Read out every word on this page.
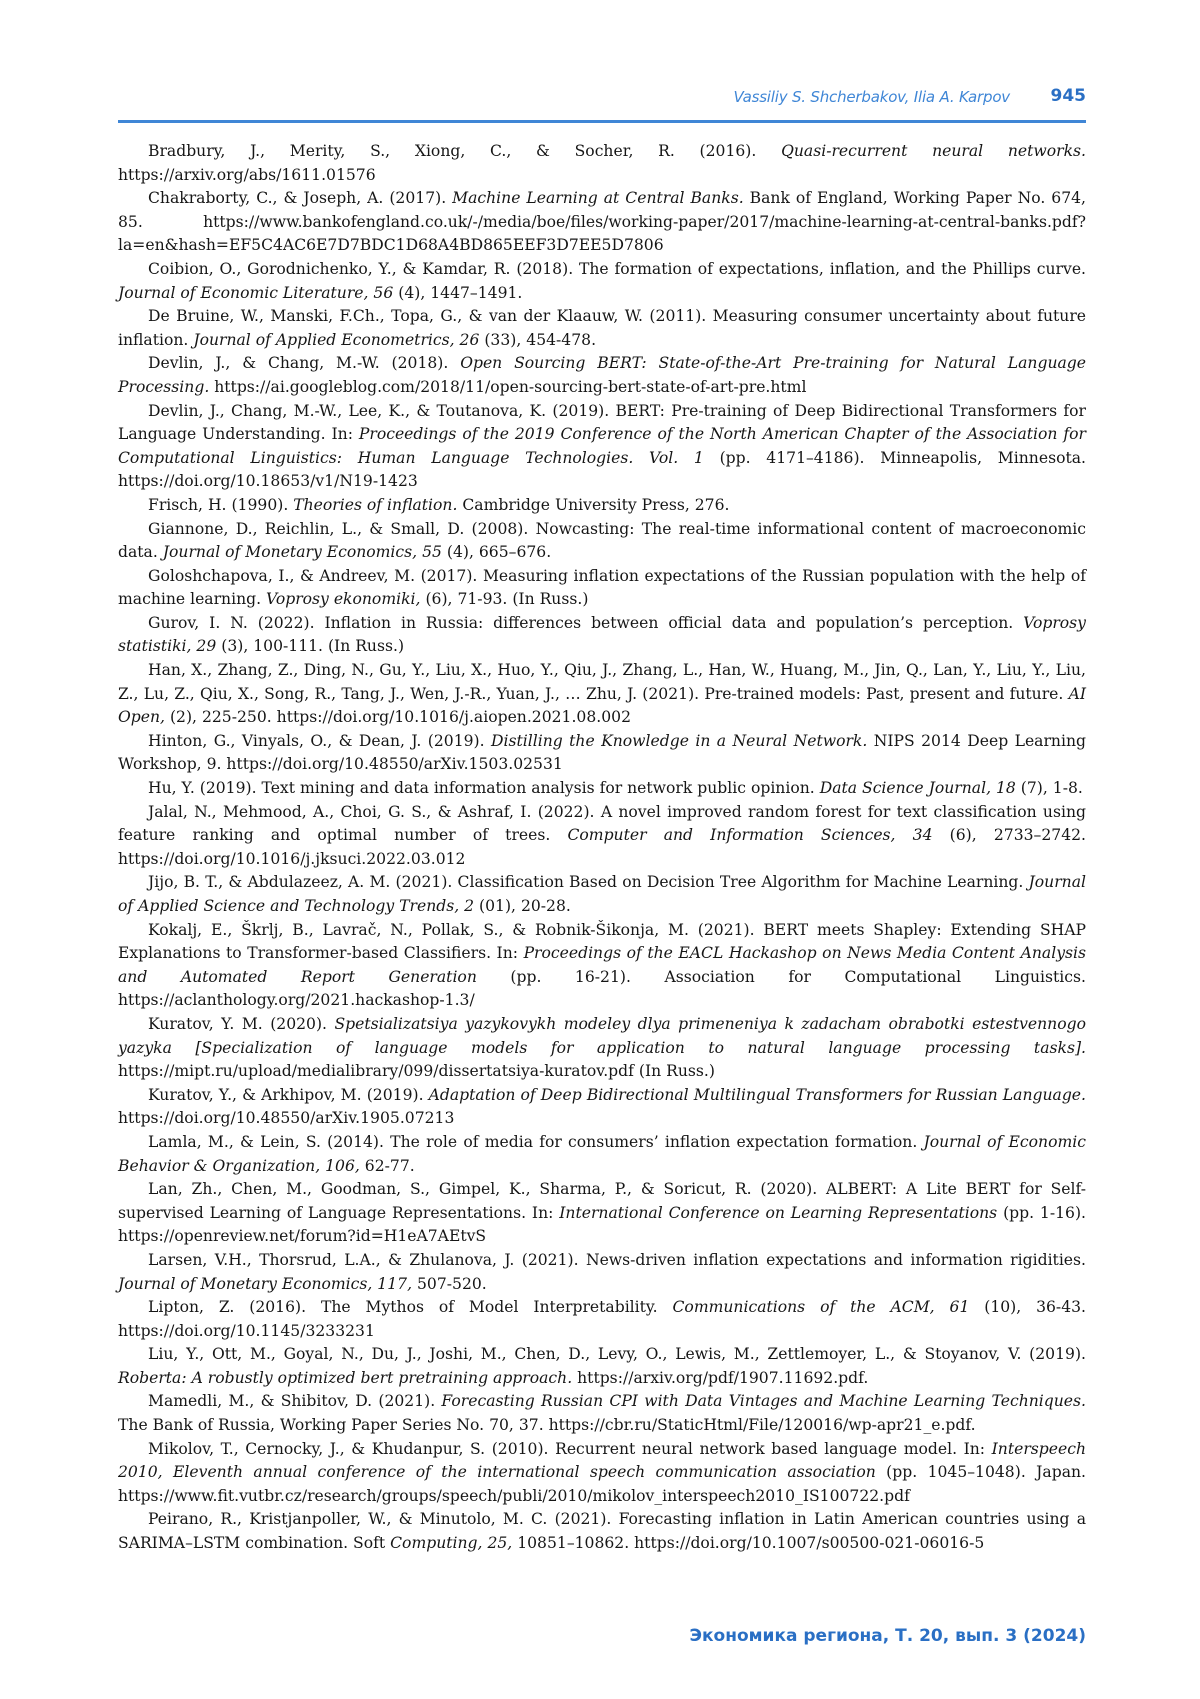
Vassiliy S. Shcherbakov, Ilia A. Karpov 945

Bradbury, J., Merity, S., Xiong, C., & Socher, R. (2016). Quasi-recurrent neural networks. https://arxiv.org/abs/1611.01576

Chakraborty, C., & Joseph, A. (2017). Machine Learning at Central Banks. Bank of England, Working Paper No. 674, 85. https://www.bankofengland.co.uk/-/media/boe/files/working-paper/2017/machine-learning-at-central-banks.pdf?la=en&hash=EF5C4AC6E7D7BDC1D68A4BD865EEF3D7EE5D7806

Coibion, O., Gorodnichenko, Y., & Kamdar, R. (2018). The formation of expectations, inflation, and the Phillips curve. Journal of Economic Literature, 56 (4), 1447–1491.

De Bruine, W., Manski, F.Ch., Topa, G., & van der Klaauw, W. (2011). Measuring consumer uncertainty about future inflation. Journal of Applied Econometrics, 26 (33), 454-478.

Devlin, J., & Chang, M.-W. (2018). Open Sourcing BERT: State-of-the-Art Pre-training for Natural Language Processing. https://ai.googleblog.com/2018/11/open-sourcing-bert-state-of-art-pre.html

Devlin, J., Chang, M.-W., Lee, K., & Toutanova, K. (2019). BERT: Pre-training of Deep Bidirectional Transformers for Language Understanding. In: Proceedings of the 2019 Conference of the North American Chapter of the Association for Computational Linguistics: Human Language Technologies. Vol. 1 (pp. 4171–4186). Minneapolis, Minnesota. https://doi.org/10.18653/v1/N19-1423

Frisch, H. (1990). Theories of inflation. Cambridge University Press, 276.

Giannone, D., Reichlin, L., & Small, D. (2008). Nowcasting: The real-time informational content of macroeconomic data. Journal of Monetary Economics, 55 (4), 665–676.

Goloshchapova, I., & Andreev, M. (2017). Measuring inflation expectations of the Russian population with the help of machine learning. Voprosy ekonomiki, (6), 71-93. (In Russ.)

Gurov, I. N. (2022). Inflation in Russia: differences between official data and population’s perception. Voprosy statistiki, 29 (3), 100-111. (In Russ.)

Han, X., Zhang, Z., Ding, N., Gu, Y., Liu, X., Huo, Y., Qiu, J., Zhang, L., Han, W., Huang, M., Jin, Q., Lan, Y., Liu, Y., Liu, Z., Lu, Z., Qiu, X., Song, R., Tang, J., Wen, J.-R., Yuan, J., … Zhu, J. (2021). Pre-trained models: Past, present and future. AI Open, (2), 225-250. https://doi.org/10.1016/j.aiopen.2021.08.002

Hinton, G., Vinyals, O., & Dean, J. (2019). Distilling the Knowledge in a Neural Network. NIPS 2014 Deep Learning Workshop, 9. https://doi.org/10.48550/arXiv.1503.02531

Hu, Y. (2019). Text mining and data information analysis for network public opinion. Data Science Journal, 18 (7), 1-8.

Jalal, N., Mehmood, A., Choi, G. S., & Ashraf, I. (2022). A novel improved random forest for text classification using feature ranking and optimal number of trees. Computer and Information Sciences, 34 (6), 2733–2742. https://doi.org/10.1016/j.jksuci.2022.03.012

Jijo, B. T., & Abdulazeez, A. M. (2021). Classification Based on Decision Tree Algorithm for Machine Learning. Journal of Applied Science and Technology Trends, 2 (01), 20-28.

Kokalj, E., Škrlj, B., Lavrač, N., Pollak, S., & Robnik-Šikonja, M. (2021). BERT meets Shapley: Extending SHAP Explanations to Transformer-based Classifiers. In: Proceedings of the EACL Hackashop on News Media Content Analysis and Automated Report Generation (pp. 16-21). Association for Computational Linguistics. https://aclanthology.org/2021.hackashop-1.3/

Kuratov, Y. M. (2020). Spetsializatsiya yazykovykh modeley dlya primeneniya k zadacham obrabotki estestvennogo yazyka [Specialization of language models for application to natural language processing tasks]. https://mipt.ru/upload/medialibrary/099/dissertatsiya-kuratov.pdf (In Russ.)

Kuratov, Y., & Arkhipov, M. (2019). Adaptation of Deep Bidirectional Multilingual Transformers for Russian Language. https://doi.org/10.48550/arXiv.1905.07213

Lamla, M., & Lein, S. (2014). The role of media for consumers’ inflation expectation formation. Journal of Economic Behavior & Organization, 106, 62-77.

Lan, Zh., Chen, M., Goodman, S., Gimpel, K., Sharma, P., & Soricut, R. (2020). ALBERT: A Lite BERT for Self-supervised Learning of Language Representations. In: International Conference on Learning Representations (pp. 1-16). https://openreview.net/forum?id=H1eA7AEtvS

Larsen, V.H., Thorsrud, L.A., & Zhulanova, J. (2021). News-driven inflation expectations and information rigidities. Journal of Monetary Economics, 117, 507-520.

Lipton, Z. (2016). The Mythos of Model Interpretability. Communications of the ACM, 61 (10), 36-43. https://doi.org/10.1145/3233231

Liu, Y., Ott, M., Goyal, N., Du, J., Joshi, M., Chen, D., Levy, O., Lewis, M., Zettlemoyer, L., & Stoyanov, V. (2019). Roberta: A robustly optimized bert pretraining approach. https://arxiv.org/pdf/1907.11692.pdf.

Mamedli, M., & Shibitov, D. (2021). Forecasting Russian CPI with Data Vintages and Machine Learning Techniques. The Bank of Russia, Working Paper Series No. 70, 37. https://cbr.ru/StaticHtml/File/120016/wp-apr21_e.pdf.

Mikolov, T., Cernocky, J., & Khudanpur, S. (2010). Recurrent neural network based language model. In: Interspeech 2010, Eleventh annual conference of the international speech communication association (pp. 1045–1048). Japan. https://www.fit.vutbr.cz/research/groups/speech/publi/2010/mikolov_interspeech2010_IS100722.pdf

Peirano, R., Kristjanpoller, W., & Minutolo, M. C. (2021). Forecasting inflation in Latin American countries using a SARIMA–LSTM combination. Soft Computing, 25, 10851–10862. https://doi.org/10.1007/s00500-021-06016-5

Экономика региона, Т. 20, вып. 3 (2024)
